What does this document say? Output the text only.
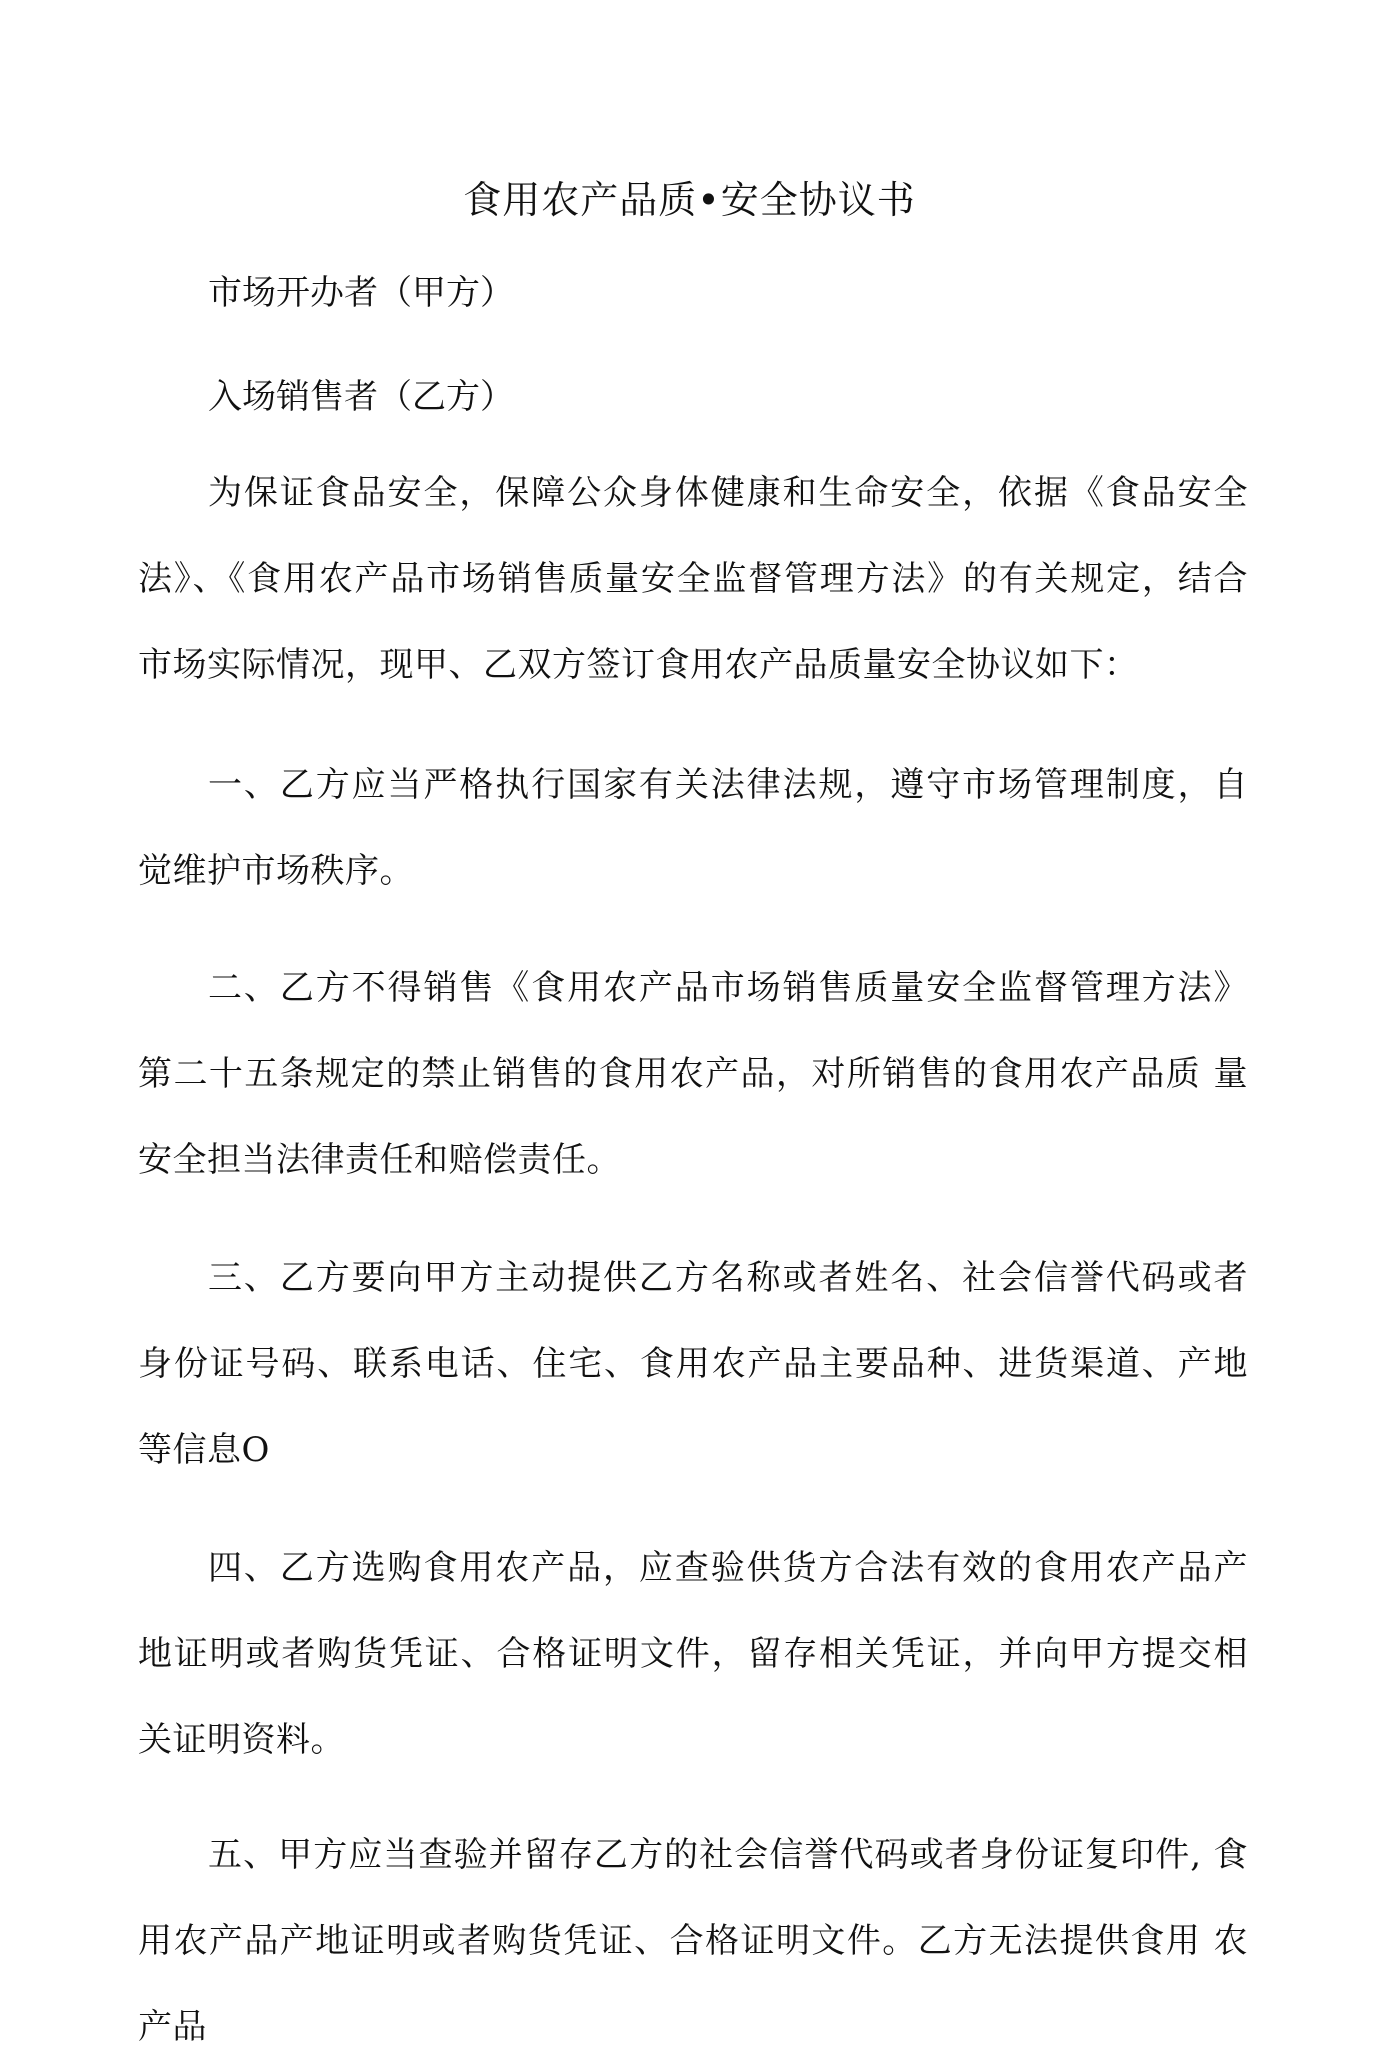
食用农产品质•安全协议书

市场开办者（甲方）

入场销售者（乙方）

为保证食品安全，保障公众身体健康和生命安全，依据《食品安全 法》、《食用农产品市场销售质量安全监督管理方法》的有关规定，结合 市场实际情况，现甲、乙双方签订食用农产品质量安全协议如下：

一、乙方应当严格执行国家有关法律法规，遵守市场管理制度，自 觉维护市场秩序。

二、乙方不得销售《食用农产品市场销售质量安全监督管理方法》 第二十五条规定的禁止销售的食用农产品，对所销售的食用农产品质 量安全担当法律责任和赔偿责任。

三、乙方要向甲方主动提供乙方名称或者姓名、社会信誉代码或者 身份证号码、联系电话、住宅、食用农产品主要品种、进货渠道、产地 等信息O

四、乙方选购食用农产品，应查验供货方合法有效的食用农产品产 地证明或者购货凭证、合格证明文件，留存相关凭证，并向甲方提交相 关证明资料。

五、甲方应当查验并留存乙方的社会信誉代码或者身份证复印件, 食用农产品产地证明或者购货凭证、合格证明文件。乙方无法提供食用 农产品
